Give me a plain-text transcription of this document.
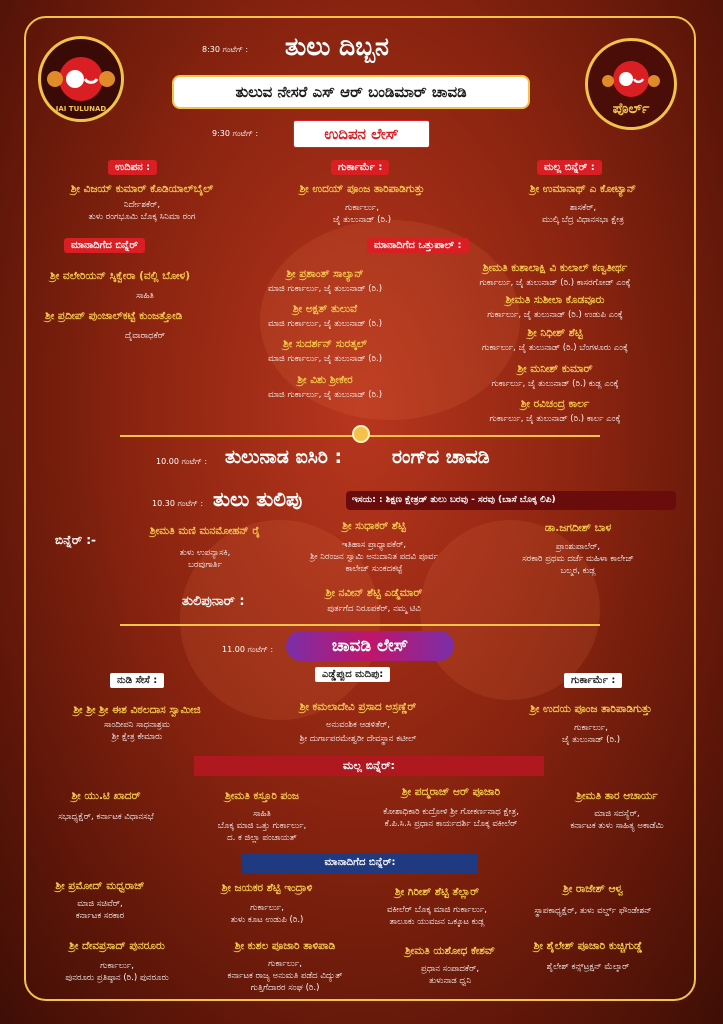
JAI TULUNAD	ಪೊರ್ಲ್
8:30 ಗಂಟೆಗ್ : ತುಲು ದಿಬ್ಬನ
ತುಲುವ ನೇಸರೆ ಎಸ್ ಆರ್ ಬಂಡಿಮಾರ್ ಚಾವಡಿ
9:30 ಗಂಟೆಗ್ :	ಉದಿಪನ ಲೇಸ್
ಉದಿಪನ :	ಗುರ್ಕಾರ್ಮೆ :	ಮಲ್ಲ ಬಿನ್ನೆರ್ :
ಶ್ರೀ ವಿಜಯ್ ಕುಮಾರ್ ಕೊಡಿಯಾಲ್‌ಬೈಲ್
ನಿರ್ದೇಶಕೆರ್,
ತುಳು ರಂಗಭೂಮಿ ಬೊಕ್ಕ ಸಿನಿಮಾ ರಂಗ
ಶ್ರೀ ಉದಯ್ ಪೂಂಜ ತಾರಿಪಾಡಿಗುತ್ತು
ಗುರ್ಕಾರ್ಲು,
ಜೈ ತುಲುನಾಡ್ (ರಿ.)
ಶ್ರೀ ಉಮಾನಾಥ್ ಎ ಕೋಟ್ಯಾನ್
ಶಾಸಕೆರ್,
ಮುಲ್ಕಿ ಬೆದ್ರ ವಿಧಾನಸಭಾ ಕ್ಷೇತ್ರ
ಮಾನಾದಿಗೆದ ಬಿನ್ನೆರ್
ಶ್ರೀ ವಲೇರಿಯನ್ ಸ್ಕಿಕ್ವೇರಾ (ವಲ್ಲಿ ಬೋಳ)
ಸಾಹಿತಿ
ಶ್ರೀ ಪ್ರದೀಪ್ ಪುಂಜಾಲ್‌ಕಟ್ಟೆ ಕುಂಜತ್ತೋಡಿ
ದೈವಾರಾಧಕೆರ್
ಮಾನಾದಿಗೆದ ಒತ್ತುಪಾಲ್ :
ಶ್ರೀ ಪ್ರಶಾಂತ್ ಸಾಲ್ಯಾನ್
ಮಾಜಿ ಗುರ್ಕಾರ್ಲು, ಜೈ ತುಲುನಾಡ್ (ರಿ.)
ಶ್ರೀ ಅಕ್ಷತ್ ತುಲುವೆ
ಮಾಜಿ ಗುರ್ಕಾರ್ಲು, ಜೈ ತುಲುನಾಡ್ (ರಿ.)
ಶ್ರೀ ಸುದರ್ಶನ್ ಸುರತ್ಕಲ್
ಮಾಜಿ ಗುರ್ಕಾರ್ಲು, ಜೈ ತುಲುನಾಡ್ (ರಿ.)
ಶ್ರೀ ವಿಶು ಶ್ರೀಕೇರ
ಮಾಜಿ ಗುರ್ಕಾರ್ಲು, ಜೈ ತುಲುನಾಡ್ (ರಿ.)
ಶ್ರೀಮತಿ ಕುಶಾಲಾಕ್ಷಿ ವಿ ಕುಲಾಲ್ ಕಣ್ವತೀರ್ಥ
ಗುರ್ಕಾರ್ಲು, ಜೈ ತುಲುನಾಡ್ (ರಿ.) ಕಾಸರಗೋಡ್ ಎಂಕ್ಕೆ
ಶ್ರೀಮತಿ ಸುಶೀಲಾ ಕೊಡವೂರು
ಗುರ್ಕಾರ್ಲು, ಜೈ ತುಲುನಾಡ್ (ರಿ.) ಉಡುಪಿ ಎಂಕ್ಕೆ
ಶ್ರೀ ನಿಧೀಶ್ ಶೆಟ್ಟಿ
ಗುರ್ಕಾರ್ಲು, ಜೈ ತುಲುನಾಡ್ (ರಿ.) ಬೆಂಗಳೂರು ಎಂಕ್ಕೆ
ಶ್ರೀ ಮನೀಶ್ ಕುಮಾರ್
ಗುರ್ಕಾರ್ಲು, ಜೈ ತುಲುನಾಡ್ (ರಿ.) ಕುಡ್ಲ ಎಂಕ್ಕೆ
ಶ್ರೀ ರವಿಚಂದ್ರ ಕಾರ್ಲ
ಗುರ್ಕಾರ್ಲು, ಜೈ ತುಲುನಾಡ್ (ರಿ.) ಕಾರ್ಲ ಎಂಕ್ಕೆ
10.00 ಗಂಟೆಗ್ : ತುಲುನಾಡ ಐಸಿರಿ :	ರಂಗ್‌ದ ಚಾವಡಿ
10.30 ಗಂಟೆಗ್ : ತುಲು ತುಲಿಪು	ಇಸಯ: : ಶಿಕ್ಷಣ ಕ್ಷೇತ್ರಡ್ ತುಲು ಬರವು - ಸರವು (ಬಾಸೆ ಬೊಕ್ಕ ಲಿಪಿ)
ಬಿನ್ನೆರ್ :-
ಶ್ರೀಮತಿ ಮಣಿ ಮನಮೋಹನ್ ರೈ
ತುಳು ಉಪನ್ಯಾಸಕಿ,
ಬರವುಗಾರ್ತಿ
ಶ್ರೀ ಸುಧಾಕರ್ ಶೆಟ್ಟಿ
ಇತಿಹಾಸ ಪ್ರಾಧ್ಯಾಪಕೆರ್,
ಶ್ರೀ ನಿರಂಜನ ಸ್ವಾಮಿ ಅನುದಾನಿತ ಪದವಿ ಪೂರ್ವ
ಕಾಲೇಜ್ ಸುಂಕದಕಟ್ಟೆ
ಡಾ.ಜಗದೀಶ್ ಬಾಳ
ಪ್ರಾಂಶುಪಾಲೆರ್,
ಸರಕಾರಿ ಪ್ರಥಮ ದರ್ಜೆ ಮಹಿಳಾ ಕಾಲೇಜ್
ಬಲ್ಮಠ, ಕುಡ್ಲ
ತುಲಿಪುನಾರ್ :
ಶ್ರೀ ನವೀನ್ ಶೆಟ್ಟಿ ಎಡ್ಮೆಮಾರ್
ಪುರ್ತಗೆದ ನಿರೂಪಕೆರ್, ನಮ್ಮ ಟಿವಿ
11.00 ಗಂಟೆಗ್ :	ಚಾವಡಿ ಲೇಸ್
ನುಡಿ ಸೇಸೆ :
ಎಡ್ಡೆಪ್ಪುದ ಮದಿಪು:
ಗುರ್ಕಾರ್ಮೆ :
ಶ್ರೀ ಶ್ರೀ ಶ್ರೀ ಈಶ ವಿಠಲದಾಸ ಸ್ವಾಮೀಜಿ
ಸಾಂದೀಪನಿ ಸಾಧನಾಶ್ರಮ
ಶ್ರೀ ಕ್ಷೇತ್ರ ಕೇಮಾರು
ಶ್ರೀ ಕಮಲಾದೇವಿ ಪ್ರಸಾದ ಅಸ್ರಣ್ಣೆರ್
ಅನುವಂಶಿಕ ಆಡಳಿತೆರ್,
ಶ್ರೀ ದುರ್ಗಾಪರಮೇಶ್ವರೀ ದೇವಸ್ಥಾನ ಕಟೀಲ್
ಶ್ರೀ ಉದಯ ಪೂಂಜ ತಾರಿಪಾಡಿಗುತ್ತು
ಗುರ್ಕಾರ್ಲು,
ಜೈ ತುಲುನಾಡ್ (ರಿ.)
ಮಲ್ಲ ಬಿನ್ನೆರ್:
ಶ್ರೀ ಯು.ಟಿ ಖಾದರ್
ಸಭಾಧ್ಯಕ್ಷೆರ್, ಕರ್ನಾಟಕ ವಿಧಾನಸಭೆ
ಶ್ರೀಮತಿ ಕಸ್ತೂರಿ ಪಂಜ
ಸಾಹಿತಿ
ಬೊಕ್ಕ ಮಾಜಿ ಒತ್ತು ಗುರ್ಕಾರ್ಲು,
ದ. ಕ ಜಿಲ್ಲಾ ಪಂಚಾಯತ್
ಶ್ರೀ ಪದ್ಮರಾಜ್ ಆರ್ ಪೂಜಾರಿ
ಕೋಶಾಧಿಕಾರಿ ಕುದ್ರೋಳಿ ಶ್ರೀ ಗೋಕರ್ಣನಾಥ ಕ್ಷೇತ್ರ,
ಕೆ.ಪಿ.ಸಿ.ಸಿ ಪ್ರಧಾನ ಕಾರ್ಯದರ್ಶಿ ಬೊಕ್ಕ ವಕೀಲೆರ್
ಶ್ರೀಮತಿ ತಾರ ಆಚಾರ್ಯ
ಮಾಜಿ ಸದಸ್ಯೆರ್,
ಕರ್ನಾಟಕ ತುಳು ಸಾಹಿತ್ಯ ಅಕಾಡೆಮಿ
ಮಾನಾದಿಗೆದ ಬಿನ್ನೆರ್:
ಶ್ರೀ ಪ್ರಮೋದ್ ಮಧ್ವರಾಜ್
ಮಾಜಿ ಸಚಿವೆರ್,
ಕರ್ನಾಟಕ ಸರಕಾರ
ಶ್ರೀ ಜಯಕರ ಶೆಟ್ಟಿ ಇಂದ್ರಾಳಿ
ಗುರ್ಕಾರ್ಲು,
ತುಳು ಕೂಟ ಉಡುಪಿ (ರಿ.)
ಶ್ರೀ ಗಿರೀಶ್ ಶೆಟ್ಟಿ ತೆಲ್ಲಾರ್
ವಕೀಲೆರ್ ಬೊಕ್ಕ ಮಾಜಿ ಗುರ್ಕಾರ್ಲು,
ತಾಲೂಕು ಯುವಜನ ಒಕ್ಕೂಟ ಕುಡ್ಲ
ಶ್ರೀ ರಾಜೇಶ್ ಆಳ್ವ
ಸ್ಥಾಪಕಾಧ್ಯಕ್ಷೆರ್, ತುಳು ವರ್ಲ್ಡ್ ಫೌಂಡೇಶನ್
ಶ್ರೀ ದೇವಪ್ರಸಾದ್ ಪುನರೂರು
ಗುರ್ಕಾರ್ಲು,
ಪುನರೂರು ಪ್ರತಿಷ್ಠಾನ (ರಿ.) ಪುನರೂರು
ಶ್ರೀ ಕುಶಲ ಪೂಜಾರಿ ತಾಳಿಪಾಡಿ
ಗುರ್ಕಾರ್ಲು,
ಕರ್ನಾಟಕ ರಾಜ್ಯ ಅನುಮತಿ ಪಡೆದ ವಿದ್ಯುತ್
ಗುತ್ತಿಗೆದಾರರ ಸಂಘ (ರಿ.)
ಶ್ರೀಮತಿ ಯಶೋಧ ಕೇಶವ್
ಪ್ರಧಾನ ಸಂಪಾದಕೆರ್,
ತುಳುನಾಡ ಧ್ವನಿ
ಶ್ರೀ ಶೈಲೇಶ್ ಪೂಜಾರಿ ಕುಚ್ಚಿಗುಡ್ಡೆ
ಶೈಲೇಶ್ ಕನ್ಸ್‌ಟ್ರಕ್ಷನ್ ಮೆಲ್ಕಾರ್
